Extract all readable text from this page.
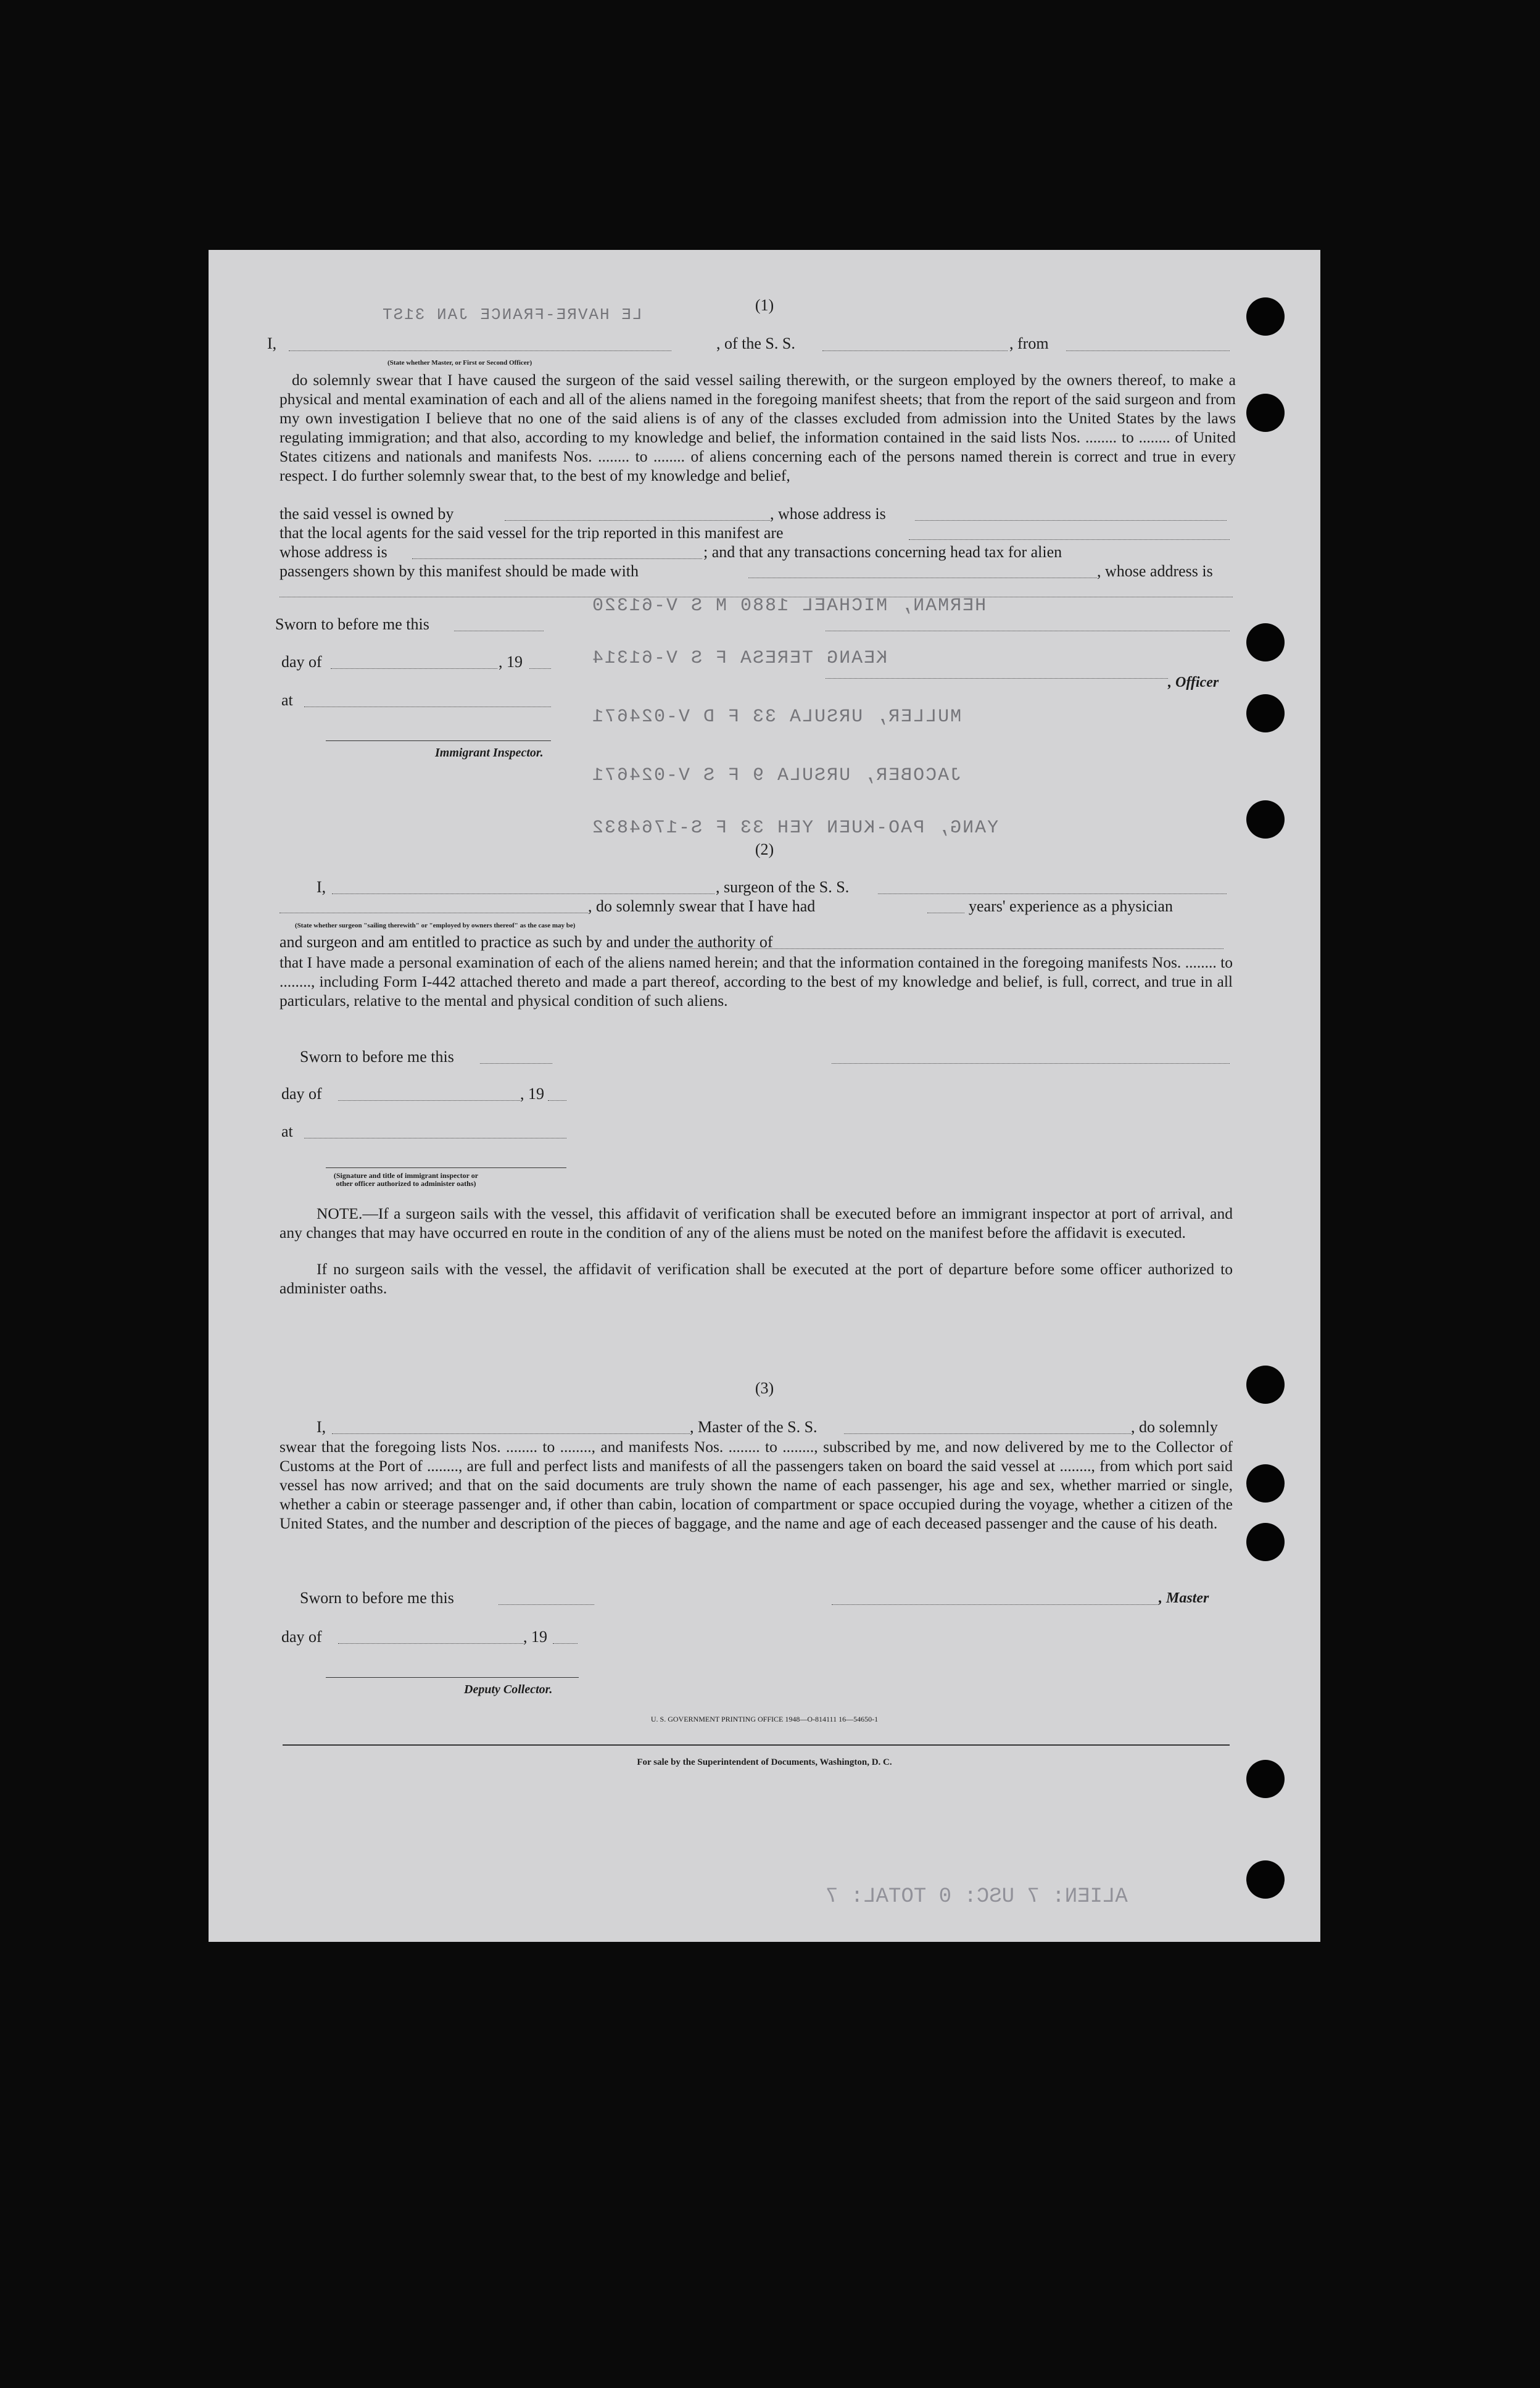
LE HAVRE-FRANCE JAN 31ST
HERMAN, MICHAEL 1880 M S V-61320
KEANG TERESA F S V-61314
MULLER, URSULA 33 F D V-024671
JACOBER, URSULA 9 F S V-024671
YANG, PAO-KUEN YEH 33 F S-1764832
ALIEN: 7 USC: 0 TOTAL: 7
(1)
I,
(State whether Master, or First or Second Officer)
, of the S. S.	, from
do solemnly swear that I have caused the surgeon of the said vessel sailing therewith, or the surgeon employed by the owners thereof, to make a physical and mental examination of each and all of the aliens named in the foregoing manifest sheets; that from the report of the said surgeon and from my own investigation I believe that no one of the said aliens is of any of the classes excluded from admission into the United States by the laws regulating immigration; and that also, according to my knowledge and belief, the information contained in the said lists Nos. ........ to ........ of United States citizens and nationals and manifests Nos. ........ to ........ of aliens concerning each of the persons named therein is correct and true in every respect. I do further solemnly swear that, to the best of my knowledge and belief,
the said vessel is owned by	, whose address is
that the local agents for the said vessel for the trip reported in this manifest are
whose address is	; and that any transactions concerning head tax for alien
passengers shown by this manifest should be made with	, whose address is
Sworn to before me this
day of	, 19
, Officer
at
Immigrant Inspector.
(2)
I,	, surgeon of the S. S.
, do solemnly swear that I have had	years' experience as a physician
(State whether surgeon "sailing therewith" or "employed by owners thereof" as the case may be)
and surgeon and am entitled to practice as such by and under the authority of
that I have made a personal examination of each of the aliens named herein; and that the information contained in the foregoing manifests Nos. ........ to ........, including Form I-442 attached thereto and made a part thereof, according to the best of my knowledge and belief, is full, correct, and true in all particulars, relative to the mental and physical condition of such aliens.
Sworn to before me this
day of	, 19
at
(Signature and title of immigrant inspector or other officer authorized to administer oaths)
NOTE.—If a surgeon sails with the vessel, this affidavit of verification shall be executed before an immigrant inspector at port of arrival, and any changes that may have occurred en route in the condition of any of the aliens must be noted on the manifest before the affidavit is executed.
If no surgeon sails with the vessel, the affidavit of verification shall be executed at the port of departure before some officer authorized to administer oaths.
(3)
I,	, Master of the S. S.	, do solemnly
swear that the foregoing lists Nos. ........ to ........, and manifests Nos. ........ to ........, subscribed by me, and now delivered by me to the Collector of Customs at the Port of ........, are full and perfect lists and manifests of all the passengers taken on board the said vessel at ........, from which port said vessel has now arrived; and that on the said documents are truly shown the name of each passenger, his age and sex, whether married or single, whether a cabin or steerage passenger and, if other than cabin, location of compartment or space occupied during the voyage, whether a citizen of the United States, and the number and description of the pieces of baggage, and the name and age of each deceased passenger and the cause of his death.
Sworn to before me this	, Master
day of	, 19
Deputy Collector.
U. S. GOVERNMENT PRINTING OFFICE 1948—O-814111 16—54650-1
For sale by the Superintendent of Documents, Washington, D. C.
